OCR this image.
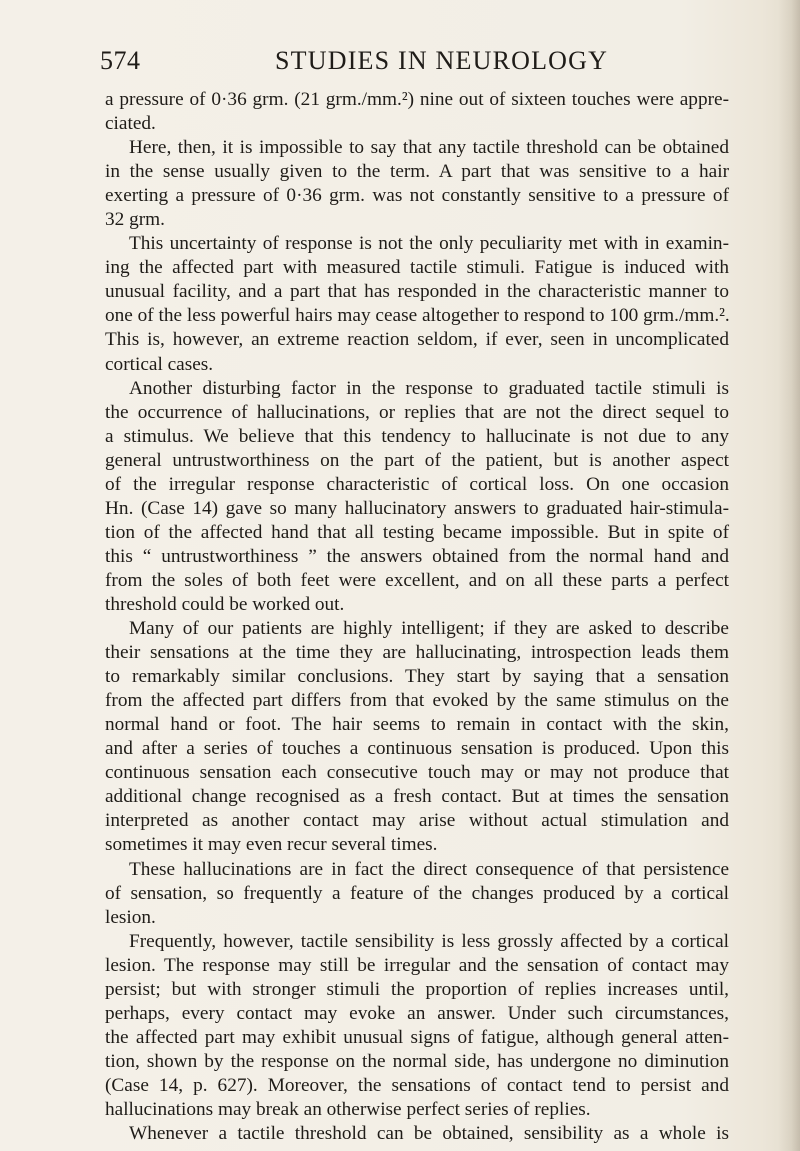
574	STUDIES IN NEUROLOGY
a pressure of 0·36 grm. (21 grm./mm.²) nine out of sixteen touches were appre-
ciated.
Here, then, it is impossible to say that any tactile threshold can be obtained
in the sense usually given to the term. A part that was sensitive to a hair
exerting a pressure of 0·36 grm. was not constantly sensitive to a pressure of
32 grm.
This uncertainty of response is not the only peculiarity met with in examin-
ing the affected part with measured tactile stimuli. Fatigue is induced with
unusual facility, and a part that has responded in the characteristic manner to
one of the less powerful hairs may cease altogether to respond to 100 grm./mm.².
This is, however, an extreme reaction seldom, if ever, seen in uncomplicated
cortical cases.
Another disturbing factor in the response to graduated tactile stimuli is
the occurrence of hallucinations, or replies that are not the direct sequel to
a stimulus. We believe that this tendency to hallucinate is not due to any
general untrustworthiness on the part of the patient, but is another aspect
of the irregular response characteristic of cortical loss. On one occasion
Hn. (Case 14) gave so many hallucinatory answers to graduated hair-stimula-
tion of the affected hand that all testing became impossible. But in spite of
this “ untrustworthiness ” the answers obtained from the normal hand and
from the soles of both feet were excellent, and on all these parts a perfect
threshold could be worked out.
Many of our patients are highly intelligent; if they are asked to describe
their sensations at the time they are hallucinating, introspection leads them
to remarkably similar conclusions. They start by saying that a sensation
from the affected part differs from that evoked by the same stimulus on the
normal hand or foot. The hair seems to remain in contact with the skin,
and after a series of touches a continuous sensation is produced. Upon this
continuous sensation each consecutive touch may or may not produce that
additional change recognised as a fresh contact. But at times the sensation
interpreted as another contact may arise without actual stimulation and
sometimes it may even recur several times.
These hallucinations are in fact the direct consequence of that persistence
of sensation, so frequently a feature of the changes produced by a cortical
lesion.
Frequently, however, tactile sensibility is less grossly affected by a cortical
lesion. The response may still be irregular and the sensation of contact may
persist; but with stronger stimuli the proportion of replies increases until,
perhaps, every contact may evoke an answer. Under such circumstances,
the affected part may exhibit unusual signs of fatigue, although general atten-
tion, shown by the response on the normal side, has undergone no diminution
(Case 14, p. 627). Moreover, the sensations of contact tend to persist and
hallucinations may break an otherwise perfect series of replies.
Whenever a tactile threshold can be obtained, sensibility as a whole is
